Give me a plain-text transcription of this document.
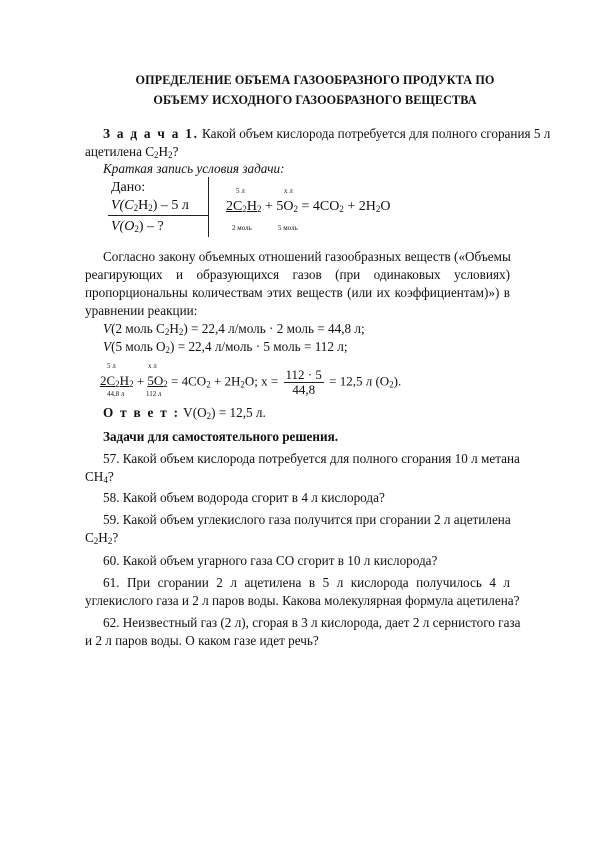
ОПРЕДЕЛЕНИЕ ОБЪЕМА ГАЗООБРАЗНОГО ПРОДУКТА ПО
ОБЪЕМУ ИСХОДНОГО ГАЗООБРАЗНОГО ВЕЩЕСТВА
З а д а ч а 1. Какой объем кислорода потребуется для полного сгорания 5 л
ацетилена $C_2H_2$?
Краткая запись условия задачи:
Дано:
$V(C_2H_2) - 5$ л
$V(O_2)$ – ?
5 л	х л
$2C_2H_2 + 5O_2 = 4CO_2 + 2H_2O$
2 моль	5 моль
Согласно закону объемных отношений газообразных веществ («Объемы
реагирующих и образующихся газов (при одинаковых условиях)
пропорциональны количествам этих веществ (или их коэффициентам)») в
уравнении реакции:
V(2 моль $C_2H_2) = 22,4$ л/моль · 2 моль = 44,8 л;
V(5 моль $O_2) = 22,4$ л/моль · 5 моль = 112 л;
5 л	х л
$2C_2H_2 + 5O_2 = 4CO_2 + 2H_2O$; $x = \frac{112 \cdot 5}{44,8} = 12,5$ л $(O_2)$.
44,8 л	112 л
О т в е т : $V(O_2) = 12,5$ л.
Задачи для самостоятельного решения.
57. Какой объем кислорода потребуется для полного сгорания 10 л метана
$CH_4$?
58. Какой объем водорода сгорит в 4 л кислорода?
59. Какой объем углекислого газа получится при сгорании 2 л ацетилена
$C_2H_2$?
60. Какой объем угарного газа СО сгорит в 10 л кислорода?
61. При сгорании 2 л ацетилена в 5 л кислорода получилось 4 л
углекислого газа и 2 л паров воды. Какова молекулярная формула ацетилена?
62. Неизвестный газ (2 л), сгорая в 3 л кислорода, дает 2 л сернистого газа
и 2 л паров воды. О каком газе идет речь?
